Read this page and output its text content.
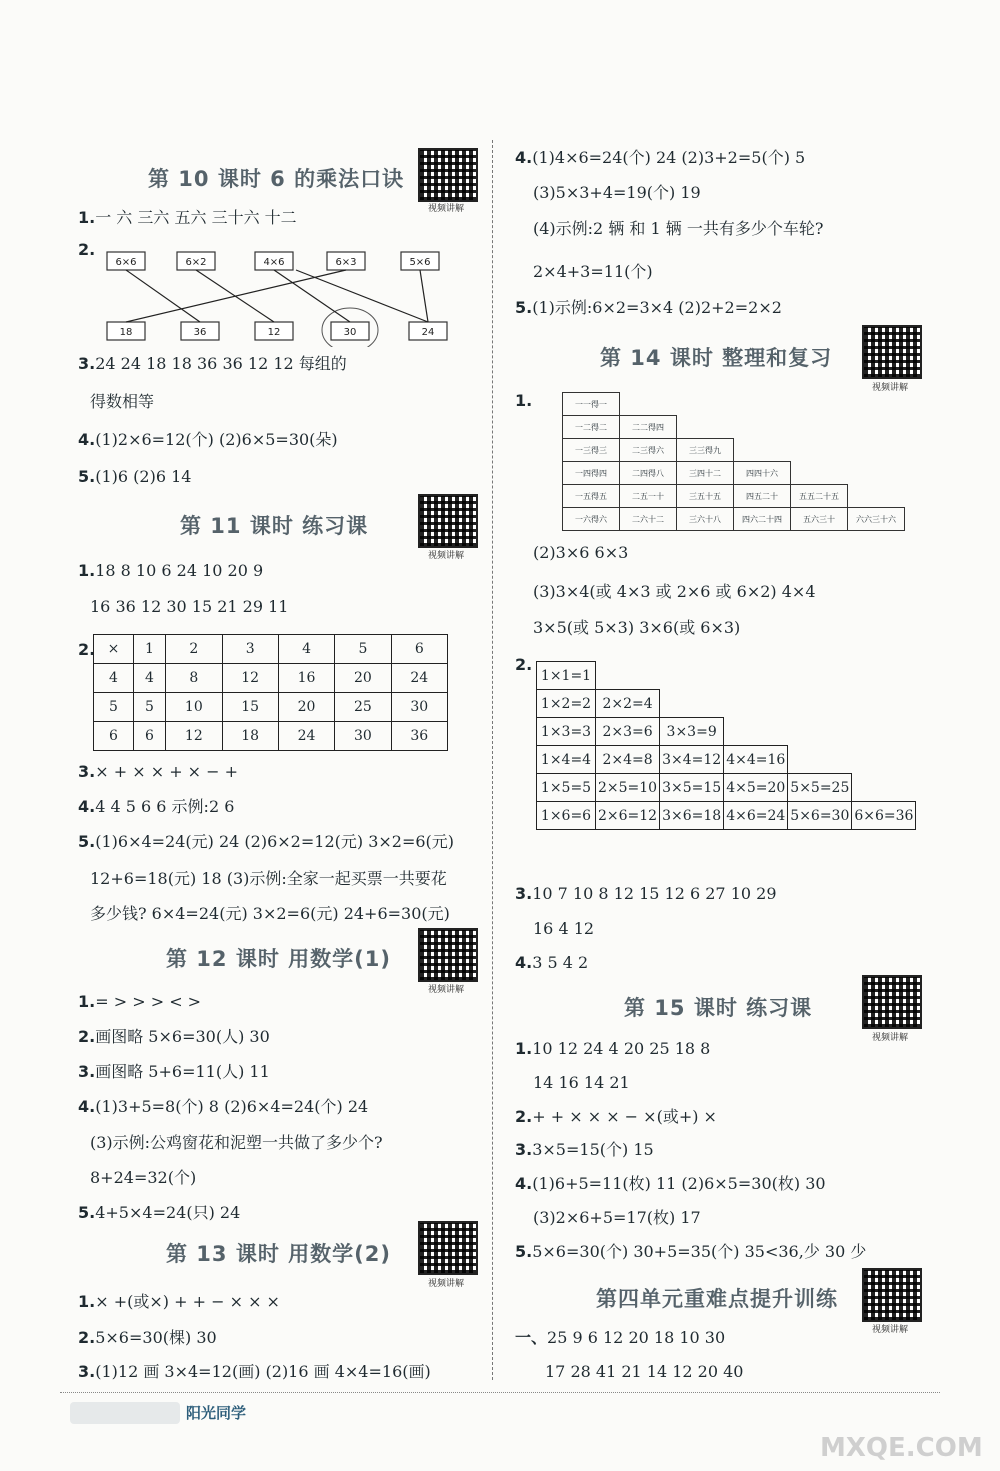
第 10 课时 6 的乘法口诀
视频讲解
1.一 六 三六 五六 三十六 十二
2.
6×6	6×2	4×6	6×3	5×6
18	36	12	30	24
3.24 24 18 18 36 36 12 12 每组的
得数相等
4.(1)2×6=12(个) (2)6×5=30(朵)
5.(1)6 (2)6 14
第 11 课时 练习课
视频讲解
1.18 8 10 6 24 10 20 9
16 36 12 30 15 21 29 11
2. ×	1	2	3	4	5	6
4	4	8	12	16	20	24
5	5	10	15	20	25	30
6	6	12	18	24	30	36
3.× + × × + × − +
4.4 4 5 6 6 示例:2 6
5.(1)6×4=24(元) 24 (2)6×2=12(元) 3×2=6(元)
12+6=18(元) 18 (3)示例:全家一起买票一共要花
多少钱? 6×4=24(元) 3×2=6(元) 24+6=30(元)
第 12 课时 用数学(1)
视频讲解
1.= > > > < >
2.画图略 5×6=30(人) 30
3.画图略 5+6=11(人) 11
4.(1)3+5=8(个) 8 (2)6×4=24(个) 24
(3)示例:公鸡窗花和泥塑一共做了多少个?
8+24=32(个)
5.4+5×4=24(只) 24
第 13 课时 用数学(2)
视频讲解
1.× +(或×) + + − × × ×
2.5×6=30(棵) 30
3.(1)12 画 3×4=12(画) (2)16 画 4×4=16(画)
4.(1)4×6=24(个) 24 (2)3+2=5(个) 5
(3)5×3+4=19(个) 19
(4)示例:2 辆 和 1 辆 一共有多少个车轮?
2×4+3=11(个)
5.(1)示例:6×2=3×4 (2)2+2=2×2
第 14 课时 整理和复习
视频讲解
1.	一一得一					
一二得二	二二得四				
一三得三	二三得六	三三得九			
一四得四	二四得八	三四十二	四四十六		
一五得五	二五一十	三五十五	四五二十	五五二十五	
一六得六	二六十二	三六十八	四六二十四	五六三十	六六三十六
(2)3×6 6×3
(3)3×4(或 4×3 或 2×6 或 6×2) 4×4
3×5(或 5×3) 3×6(或 6×3)
2.
1×1=1					
1×2=2	2×2=4				
1×3=3	2×3=6	3×3=9			
1×4=4	2×4=8	3×4=12	4×4=16		
1×5=5	2×5=10	3×5=15	4×5=20	5×5=25	
1×6=6	2×6=12	3×6=18	4×6=24	5×6=30	6×6=36
3.10 7 10 8 12 15 12 6 27 10 29
16 4 12
4.3 5 4 2
第 15 课时 练习课
视频讲解
1.10 12 24 4 20 25 18 8
14 16 14 21
2.+ + × × × − ×(或+) ×
3.3×5=15(个) 15
4.(1)6+5=11(枚) 11 (2)6×5=30(枚) 30
(3)2×6+5=17(枚) 17
5.5×6=30(个) 30+5=35(个) 35<36,少 30 少
第四单元重难点提升训练
视频讲解
一、25 9 6 12 20 18 10 30
17 28 41 21 14 12 20 40
阳光同学
MXQE.COM
